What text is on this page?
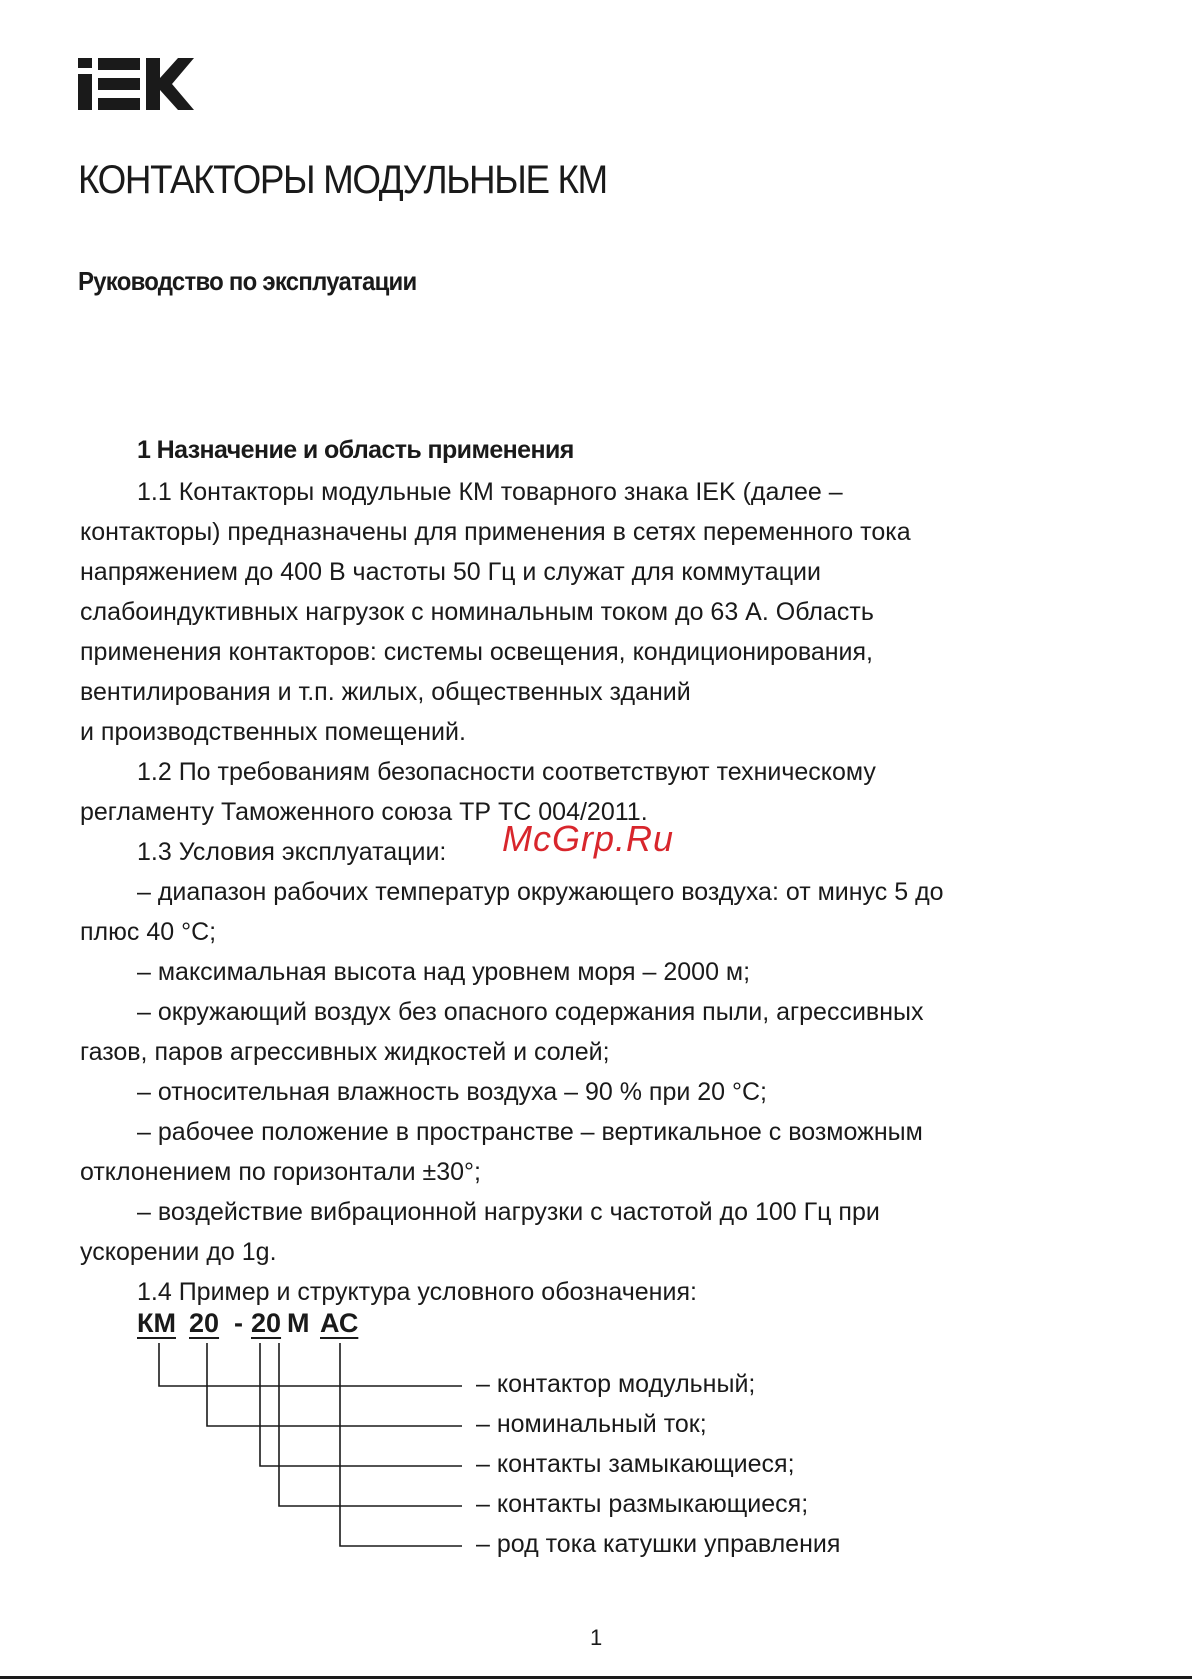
КОНТАКТОРЫ МОДУЛЬНЫЕ КМ
Руководство по эксплуатации
1 Назначение и область применения
1.1 Контакторы модульные КМ товарного знака IEK (далее –
контакторы) предназначены для применения в сетях переменного тока
напряжением до 400 В частоты 50 Гц и служат для коммутации
слабоиндуктивных нагрузок с номинальным током до 63 А. Область
применения контакторов: системы освещения, кондиционирования,
вентилирования и т.п. жилых, общественных зданий
и производственных помещений.
1.2 По требованиям безопасности соответствуют техническому
регламенту Таможенного союза ТР ТС 004/2011.
1.3 Условия эксплуатации:
– диапазон рабочих температур окружающего воздуха: от минус 5 до
плюс 40 °С;
– максимальная высота над уровнем моря – 2000 м;
– окружающий воздух без опасного содержания пыли, агрессивных
газов, паров агрессивных жидкостей и солей;
– относительная влажность воздуха – 90 % при 20 °С;
– рабочее положение в пространстве – вертикальное с возможным
отклонением по горизонтали ±30°;
– воздействие вибрационной нагрузки с частотой до 100 Гц при
ускорении до 1g.
1.4 Пример и структура условного обозначения:
McGrp.Ru

КМ

20

-

20

М

АС

– контактор модульный;
– номинальный ток;
– контакты замыкающиеся;
– контакты размыкающиеся;
– род тока катушки управления
1
